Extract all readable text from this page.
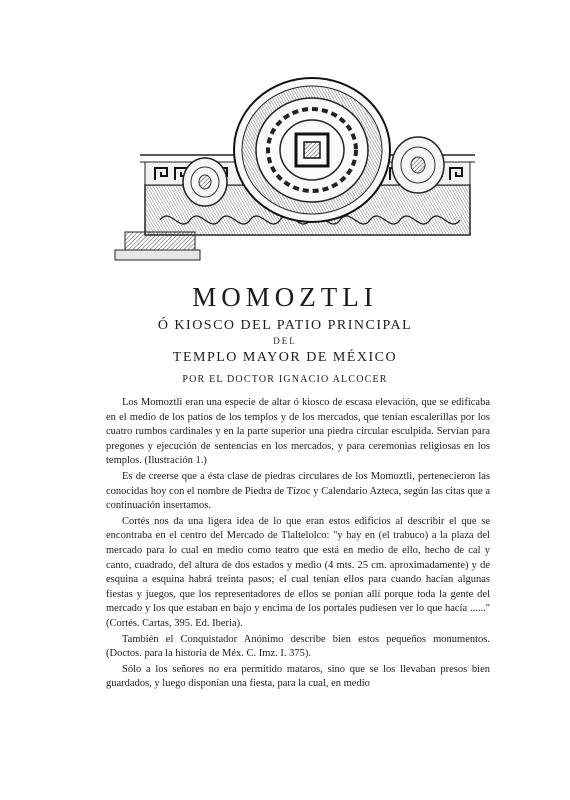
MOMOZTLI
Ó KIOSCO DEL PATIO PRINCIPAL
DEL
TEMPLO MAYOR DE MÉXICO
POR EL DOCTOR IGNACIO ALCOCER

Los Momoztli eran una especie de altar ó kiosco de escasa elevación, que se edificaba en el medio de los patios de los templos y de los mercados, que tenían escalerillas por los cuatro rumbos cardinales y en la parte superior una piedra circular esculpida. Servían para pregones y ejecución de sentencias en los mercados, y para ceremonias religiosas en los templos. (Ilustración 1.)

Es de creerse que a ésta clase de piedras circulares de los Momoztli, pertenecieron las conocidas hoy con el nombre de Piedra de Tízoc y Calendario Azteca, según las citas que a continuación insertamos.

Cortés nos da una ligera idea de lo que eran estos edificios al describir el que se encontraba en el centro del Mercado de Tlaltelolco: "y hay en (el trabuco) a la plaza del mercado para lo cual en medio como teatro que está en medio de ello, hecho de cal y canto, cuadrado, del altura de dos estados y medio (4 mts. 25 cm. aproximadamente) y de esquina a esquina habrá treinta pasos; el cual tenían ellos para cuando hacían algunas fiestas y juegos, que los representadores de ellos se ponían allí porque toda la gente del mercado y los que estaban en bajo y encima de los portales pudiesen ver lo que hacía ......" (Cortés. Cartas, 395. Ed. Iberia).

También el Conquistador Anónimo describe bien estos pequeños monumentos. (Doctos. para la historia de Méx. C. Imz. I. 375).

Sólo a los señores no era permitido mataros, sino que se los llevaban presos bien guardados, y luego disponían una fiesta, para la cual, en medio
